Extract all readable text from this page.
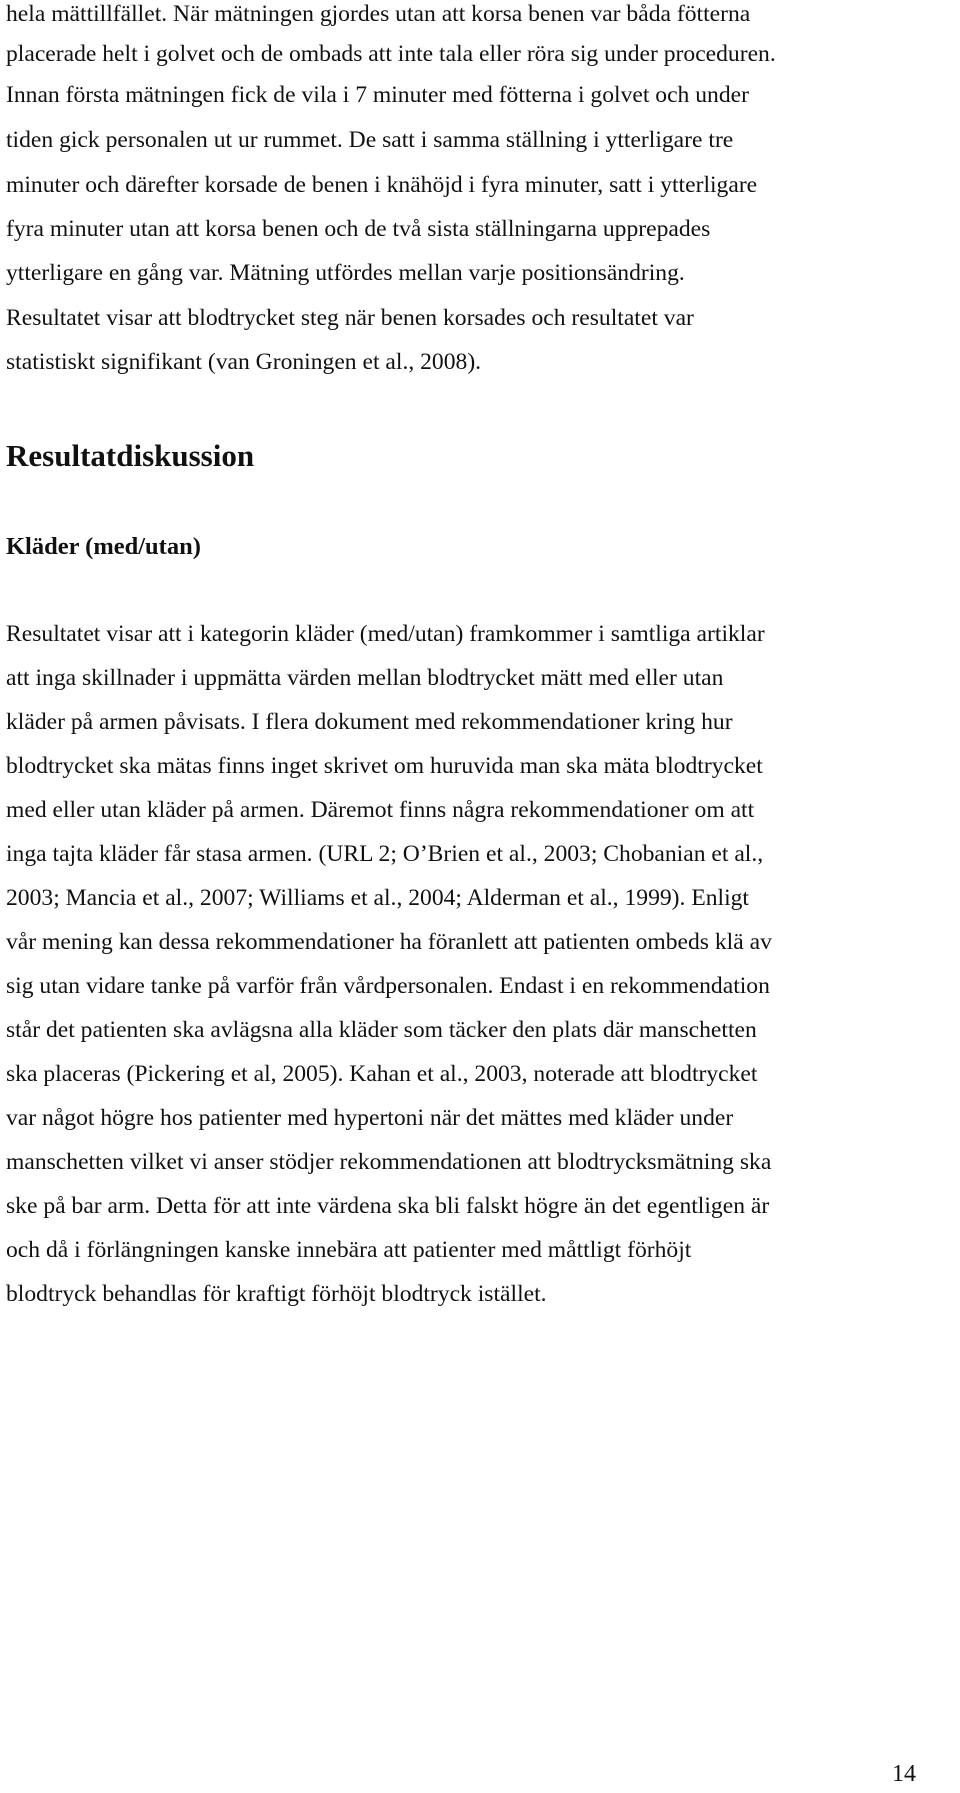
hela mättillfället. När mätningen gjordes utan att korsa benen var båda fötterna
placerade helt i golvet och de ombads att inte tala eller röra sig under proceduren.
Innan första mätningen fick de vila i 7 minuter med fötterna i golvet och under
tiden gick personalen ut ur rummet. De satt i samma ställning i ytterligare tre
minuter och därefter korsade de benen i knähöjd i fyra minuter, satt i ytterligare
fyra minuter utan att korsa benen och de två sista ställningarna upprepades
ytterligare en gång var. Mätning utfördes mellan varje positionsändring.
Resultatet visar att blodtrycket steg när benen korsades och resultatet var
statistiskt signifikant (van Groningen et al., 2008).
Resultatdiskussion
Kläder (med/utan)
Resultatet visar att i kategorin kläder (med/utan) framkommer i samtliga artiklar
att inga skillnader i uppmätta värden mellan blodtrycket mätt med eller utan
kläder på armen påvisats. I flera dokument med rekommendationer kring hur
blodtrycket ska mätas finns inget skrivet om huruvida man ska mäta blodtrycket
med eller utan kläder på armen. Däremot finns några rekommendationer om att
inga tajta kläder får stasa armen. (URL 2; O’Brien et al., 2003; Chobanian et al.,
2003; Mancia et al., 2007; Williams et al., 2004; Alderman et al., 1999). Enligt
vår mening kan dessa rekommendationer ha föranlett att patienten ombeds klä av
sig utan vidare tanke på varför från vårdpersonalen. Endast i en rekommendation
står det patienten ska avlägsna alla kläder som täcker den plats där manschetten
ska placeras (Pickering et al, 2005). Kahan et al., 2003, noterade att blodtrycket
var något högre hos patienter med hypertoni när det mättes med kläder under
manschetten vilket vi anser stödjer rekommendationen att blodtrycksmätning ska
ske på bar arm. Detta för att inte värdena ska bli falskt högre än det egentligen är
och då i förlängningen kanske innebära att patienter med måttligt förhöjt
blodtryck behandlas för kraftigt förhöjt blodtryck istället.
14
